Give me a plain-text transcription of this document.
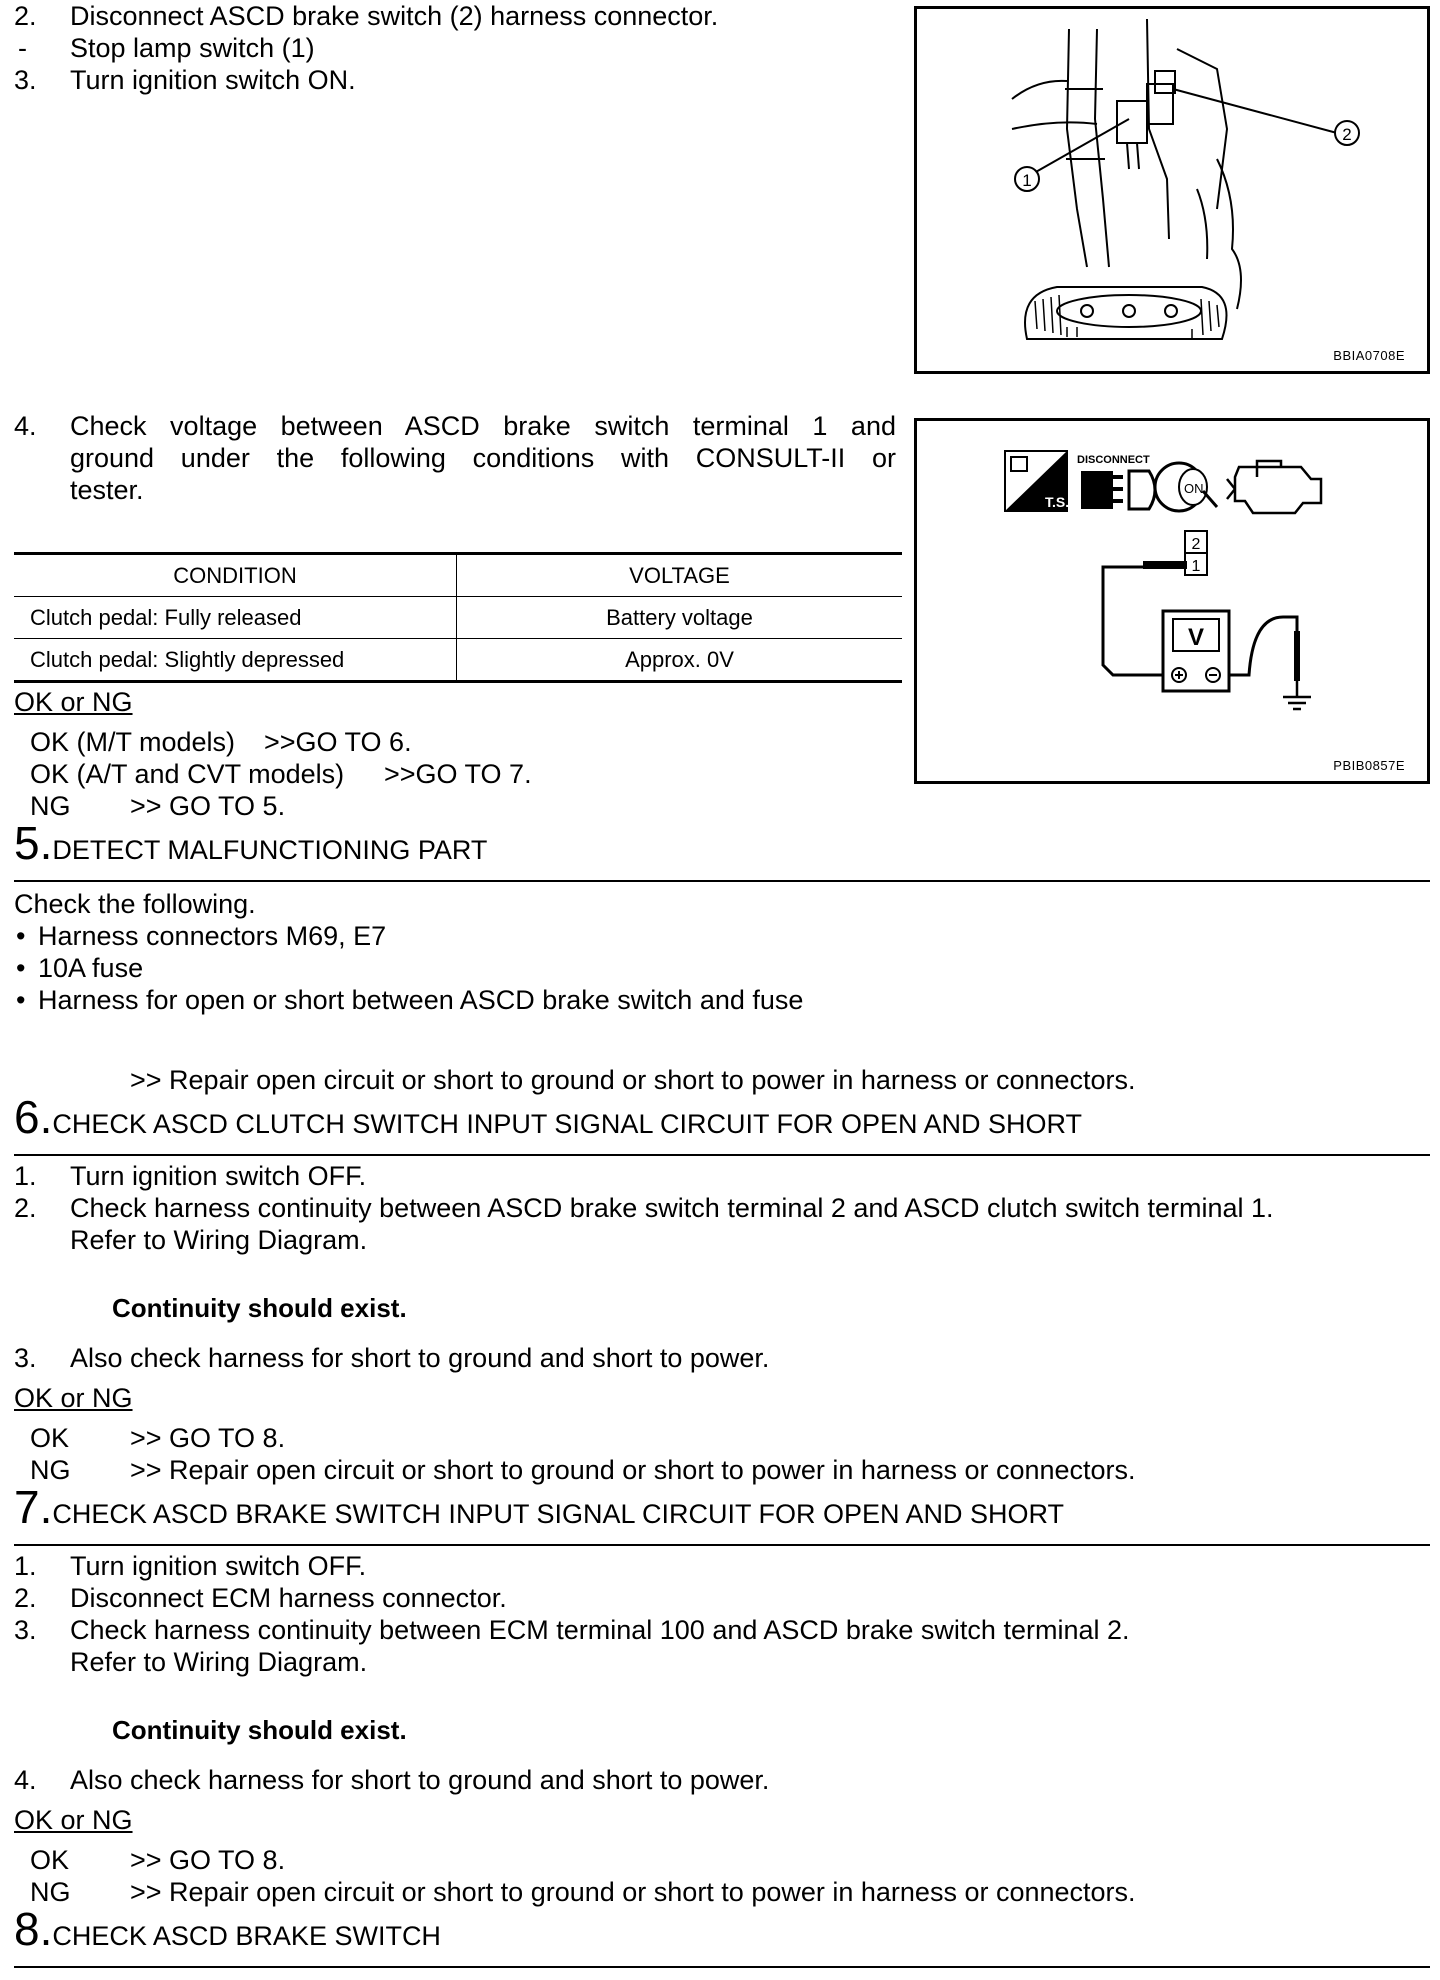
2. Disconnect ASCD brake switch (2) harness connector.
- Stop lamp switch (1)
3. Turn ignition switch ON.
1
2
BBIA0708E
4. Check voltage between ASCD brake switch terminal 1 and
ground under the following conditions with CONSULT-II or
tester.	T.S.
DISCONNECT
ON
2
1
V
PBIB0857E
CONDITION	VOLTAGE
Clutch pedal: Fully released	Battery voltage
Clutch pedal: Slightly depressed	Approx. 0V
OK or NG
OK (M/T models) >>GO TO 6.
OK (A/T and CVT models) >>GO TO 7.
NG >> GO TO 5.
5.DETECT MALFUNCTIONING PART
Check the following.
• Harness connectors M69, E7
• 10A fuse
• Harness for open or short between ASCD brake switch and fuse
>> Repair open circuit or short to ground or short to power in harness or connectors.
6.CHECK ASCD CLUTCH SWITCH INPUT SIGNAL CIRCUIT FOR OPEN AND SHORT
1. Turn ignition switch OFF.
2. Check harness continuity between ASCD brake switch terminal 2 and ASCD clutch switch terminal 1.
Refer to Wiring Diagram.
Continuity should exist.
3. Also check harness for short to ground and short to power.
OK or NG
OK >> GO TO 8.
NG >> Repair open circuit or short to ground or short to power in harness or connectors.
7.CHECK ASCD BRAKE SWITCH INPUT SIGNAL CIRCUIT FOR OPEN AND SHORT
1. Turn ignition switch OFF.
2. Disconnect ECM harness connector.
3. Check harness continuity between ECM terminal 100 and ASCD brake switch terminal 2.
Refer to Wiring Diagram.
Continuity should exist.
4. Also check harness for short to ground and short to power.
OK or NG
OK >> GO TO 8.
NG >> Repair open circuit or short to ground or short to power in harness or connectors.
8.CHECK ASCD BRAKE SWITCH
